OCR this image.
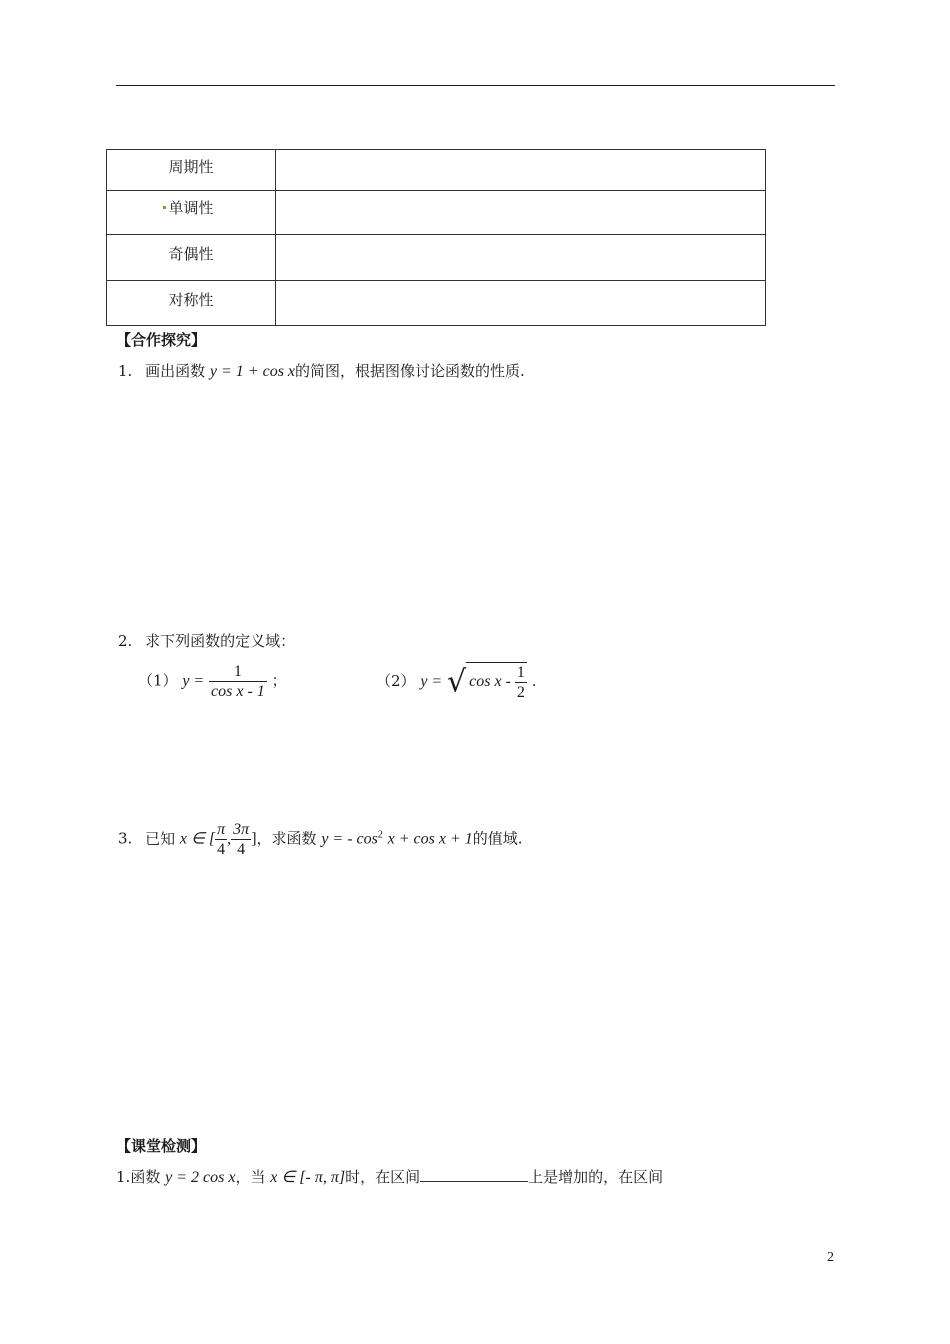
周期性	
单调性	
奇偶性	
对称性	
【合作探究】
1. 画出函数 y = 1 + cos x的简图，根据图像讨论函数的性质.
2. 求下列函数的定义域：
（1） $y = \frac{1}{\text{cos x - 1}}$ ；	（2） y = √ cos x - $\frac{1}{2}$ .
3. 已知 x ∈ [ $\frac{\pi}{4}$ , $\frac{3\pi}{4}$ ]，求函数 y = - $\cos^2 x + \cos x + 1$的值域.
【课堂检测】
1.函数 y = 2 cos x，当 x ∈ [- π, π]时，在区间	上是增加的，在区间
2
